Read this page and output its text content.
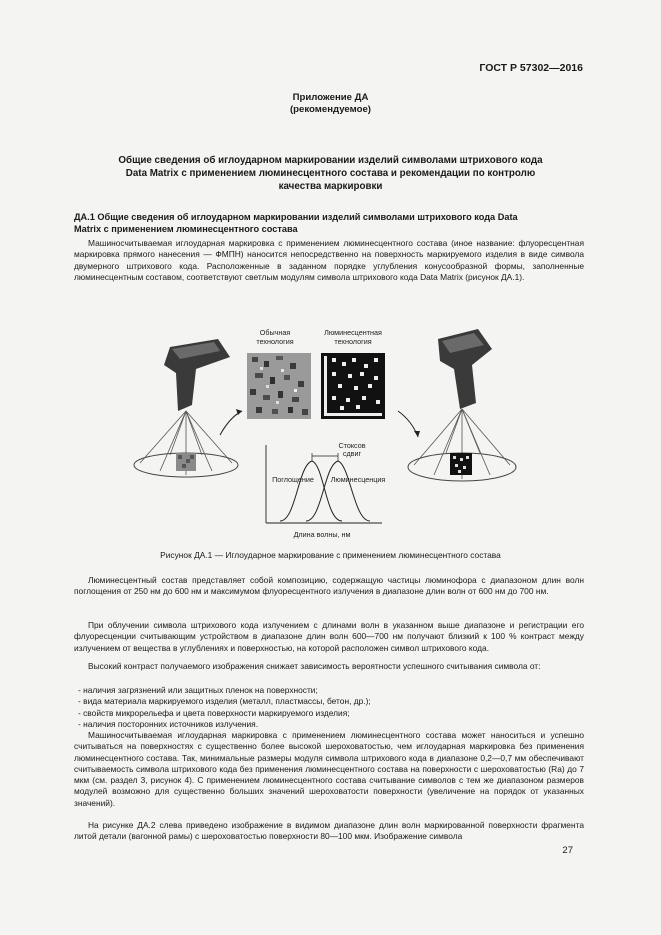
ГОСТ Р 57302—2016
Приложение ДА
(рекомендуемое)
Общие сведения об иглоударном маркировании изделий символами штрихового кода
Data Matrix с применением люминесцентного состава и рекомендации по контролю
качества маркировки
ДА.1 Общие сведения об иглоударном маркировании изделий символами штрихового кода Data
Matrix с применением люминесцентного состава
Машиносчитываемая иглоударная маркировка с применением люминесцентного состава (иное название: флуоресцентная маркировка прямого нанесения — ФМПН) наносится непосредственно на поверхность маркируемого изделия в виде символа двумерного штрихового кода. Расположенные в заданном порядке углубления конусообразной формы, заполненные люминесцентным составом, соответствуют светлым модулям символа штрихового кода Data Matrix (рисунок ДА.1).
Обычная
технология
Люминесцентная
технология
Стоксов
сдвиг
Поглощение Люминесценция
Длина волны, нм
Рисунок ДА.1 — Иглоударное маркирование с применением люминесцентного состава
Люминесцентный состав представляет собой композицию, содержащую частицы люминофора с диапазоном длин волн поглощения от 250 нм до 600 нм и максимумом флуоресцентного излучения в диапазоне длин волн от 600 нм до 700 нм.
При облучении символа штрихового кода излучением с длинами волн в указанном выше диапазоне и регистрации его флуоресценции считывающим устройством в диапазоне длин волн 600—700 нм получают близкий к 100 % контраст между излучением от вещества в углублениях и поверхностью, на которой расположен символ штрихового кода.
Высокий контраст получаемого изображения снижает зависимость вероятности успешного считывания символа от:
- наличия загрязнений или защитных пленок на поверхности;
- вида материала маркируемого изделия (металл, пластмассы, бетон, др.);
- свойств микрорельефа и цвета поверхности маркируемого изделия;
- наличия посторонних источников излучения.
Машиносчитываемая иглоударная маркировка с применением люминесцентного состава может наноситься и успешно считываться на поверхностях с существенно более высокой шероховатостью, чем иглоударная маркировка без применения люминесцентного состава. Так, минимальные размеры модуля символа штрихового кода в диапазоне 0,2—0,7 мм обеспечивают считываемость символа штрихового кода без применения люминесцентного состава на поверхности с шероховатостью (Ra) до 7 мкм (см. раздел 3, рисунок 4). С применением люминесцентного состава считывание символов с тем же диапазоном размеров модулей возможно для существенно больших значений шероховатости поверхности (увеличение на порядок от указанных значений).
На рисунке ДА.2 слева приведено изображение в видимом диапазоне длин волн маркированной поверхности фрагмента литой детали (вагонной рамы) с шероховатостью поверхности 80—100 мкм. Изображение символа
27
